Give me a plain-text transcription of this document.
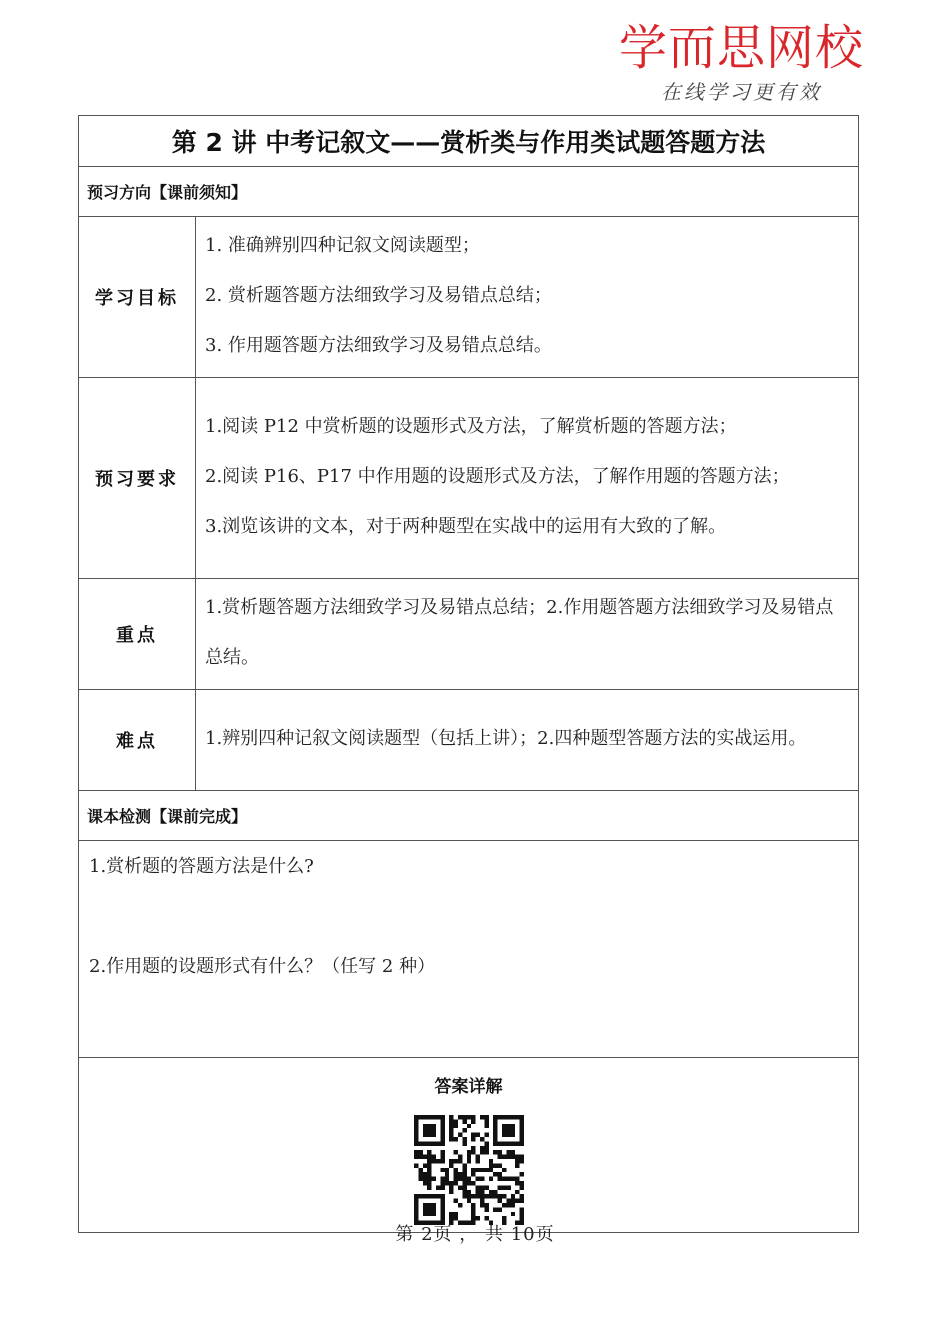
学而思网校
在线学习更有效
第 2 讲 中考记叙文——赏析类与作用类试题答题方法	
预习方向【课前须知】	
学习目标	1. 准确辨别四种记叙文阅读题型；

2. 赏析题答题方法细致学习及易错点总结；

3. 作用题答题方法细致学习及易错点总结。

预习要求	1.阅读 P12 中赏析题的设题形式及方法，了解赏析题的答题方法；

2.阅读 P16、P17 中作用题的设题形式及方法，了解作用题的答题方法；

3.浏览该讲的文本，对于两种题型在实战中的运用有大致的了解。

重点	1.赏析题答题方法细致学习及易错点总结；2.作用题答题方法细致学习及易错点总结。

难点	1.辨别四种记叙文阅读题型（包括上讲）；2.四种题型答题方法的实战运用。

课本检测【课前完成】	

1.赏析题的答题方法是什么?

2.作用题的设题形式有什么？（任写 2 种）	

答案详解	
第 2页 ， 共 10页
